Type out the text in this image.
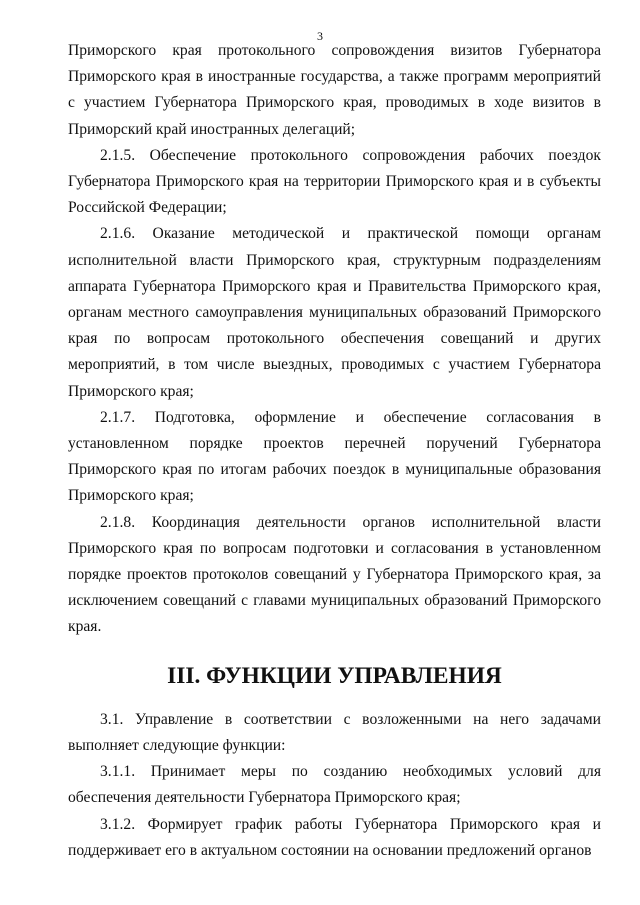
3

Приморского края протокольного сопровождения визитов Губернатора Приморского края в иностранные государства, а также программ мероприятий с участием Губернатора Приморского края, проводимых в ходе визитов в Приморский край иностранных делегаций;

2.1.5. Обеспечение протокольного сопровождения рабочих поездок Губернатора Приморского края на территории Приморского края и в субъекты Российской Федерации;

2.1.6. Оказание методической и практической помощи органам исполнительной власти Приморского края, структурным подразделениям аппарата Губернатора Приморского края и Правительства Приморского края, органам местного самоуправления муниципальных образований Приморского края по вопросам протокольного обеспечения совещаний и других мероприятий, в том числе выездных, проводимых с участием Губернатора Приморского края;

2.1.7. Подготовка, оформление и обеспечение согласования в установленном порядке проектов перечней поручений Губернатора Приморского края по итогам рабочих поездок в муниципальные образования Приморского края;

2.1.8. Координация деятельности органов исполнительной власти Приморского края по вопросам подготовки и согласования в установленном порядке проектов протоколов совещаний у Губернатора Приморского края, за исключением совещаний с главами муниципальных образований Приморского края.

III. ФУНКЦИИ УПРАВЛЕНИЯ

3.1. Управление в соответствии с возложенными на него задачами выполняет следующие функции:

3.1.1. Принимает меры по созданию необходимых условий для обеспечения деятельности Губернатора Приморского края;

3.1.2. Формирует график работы Губернатора Приморского края и поддерживает его в актуальном состоянии на основании предложений органов
